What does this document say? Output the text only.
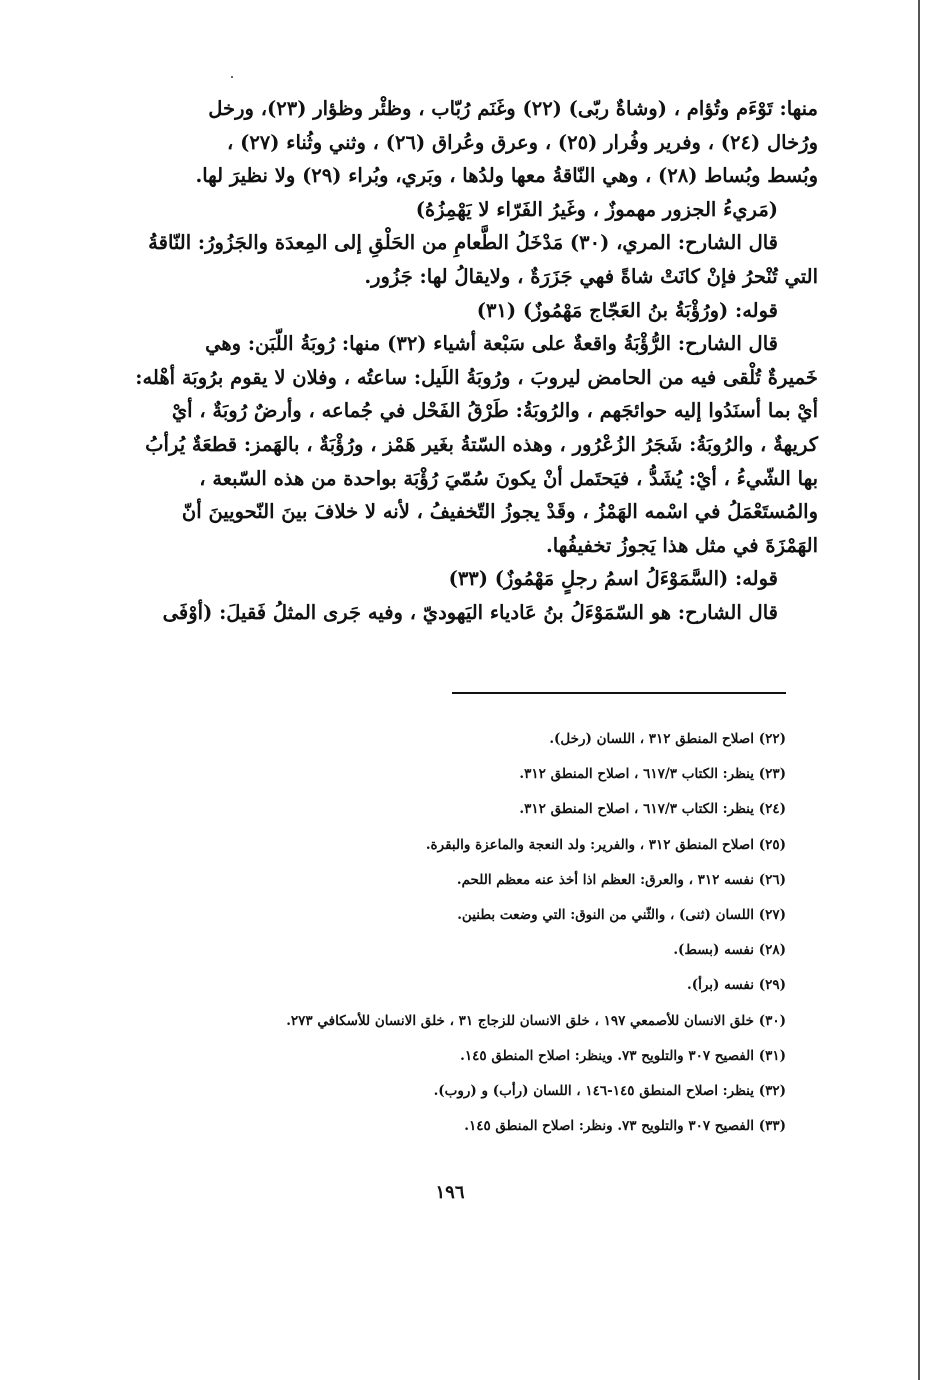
منها: تَوْءَم وتُؤام ، (وشاةٌ ربّى) (٢٢) وغَنَم رُبّاب ، وظئْر وظؤار (٢٣)، ورخل

ورُخال (٢٤) ، وفرير وفُرار (٢٥) ، وعرق وعُراق (٢٦) ، وثني وثُناء (٢٧) ،

وبُسط وبُساط (٢٨) ، وهي النّاقةُ معها ولدُها ، وبَري، وبُراء (٢٩) ولا نظيرَ لها.

(مَريءُ الجزور مهموزٌ ، وغَيرُ الفَرّاء لا يَهْمِزُهُ)

قال الشارح: المري، (٣٠) مَدْخَلُ الطَّعامِ من الحَلْقِ إلى المِعدَة والجَزُورُ: النّاقةُ

التي تُنْحرُ فإنْ كانَتْ شاةً فهي جَزَرَةٌ ، ولايقالُ لها: جَزُور.

قوله: (ورُؤْبَةُ بنُ العَجّاج مَهْمُوزٌ) (٣١)

قال الشارح: الرُّؤْبَةُ واقعةٌ على سَبْعة أشياء (٣٢) منها: رُوبَةُ اللّبَن: وهي

خَميرةٌ تُلْقى فيه من الحامض ليروبَ ، ورُوبَةُ اللَيل: ساعتُه ، وفلان لا يقوم برُوبَة أهْله:

أيْ بما أسنَدُوا إليه حوائجَهم ، والرُوبَةُ: طَرْقُ الفَحْل في جُماعه ، وأرضٌ رُوبَةٌ ، أيْ

كريهةٌ ، والرُوبَةُ: شَجَرُ الزُعْرُور ، وهذه السّتةُ بغَير هَمْز ، ورُؤْبَةٌ ، بالهَمز: قطعَةٌ يُرأبُ

بها الشّيءُ ، أيْ: يُشَدُّ ، فيَحتَمل أنْ يكونَ سُمّيَ رُؤْبَة بواحدة من هذه السّبعة ،

والمُستَعْمَلُ في اسْمه الهَمْزُ ، وقَدْ يجوزُ التّخفيفُ ، لأنه لا خلافَ بينَ النّحويينَ أنّ

الهَمْزَةَ في مثل هذا يَجوزُ تخفيفُها.

قوله: (السَّمَوْءَلُ اسمُ رجلٍ مَهْمُوزٌ) (٣٣)

قال الشارح: هو السّمَوْءَلُ بنُ عَادياء اليَهوديّ ، وفيه جَرى المثلُ فَقيلَ: (أوْفَى

(٢٢) اصلاح المنطق ٣١٢ ، اللسان (رخل).
(٢٣) ينظر: الكتاب ٦١٧/٣ ، اصلاح المنطق ٣١٢.
(٢٤) ينظر: الكتاب ٦١٧/٣ ، اصلاح المنطق ٣١٢.
(٢٥) اصلاح المنطق ٣١٢ ، والفرير: ولد النعجة والماعزة والبقرة.
(٢٦) نفسه ٣١٢ ، والعرق: العظم اذا أخذ عنه معظم اللحم.
(٢٧) اللسان (ثنى) ، والثّني من النوق: التي وضعت بطنين.
(٢٨) نفسه (بسط).
(٢٩) نفسه (برأ).
(٣٠) خلق الانسان للأصمعي ١٩٧ ، خلق الانسان للزجاج ٣١ ، خلق الانسان للأسكافي ٢٧٣.
(٣١) الفصيح ٣٠٧ والتلويح ٧٣. وينظر: اصلاح المنطق ١٤٥.
(٣٢) ينظر: اصلاح المنطق ١٤٥-١٤٦ ، اللسان (رأب) و (روب).
(٣٣) الفصيح ٣٠٧ والتلويح ٧٣. ونظر: اصلاح المنطق ١٤٥.
١٩٦
